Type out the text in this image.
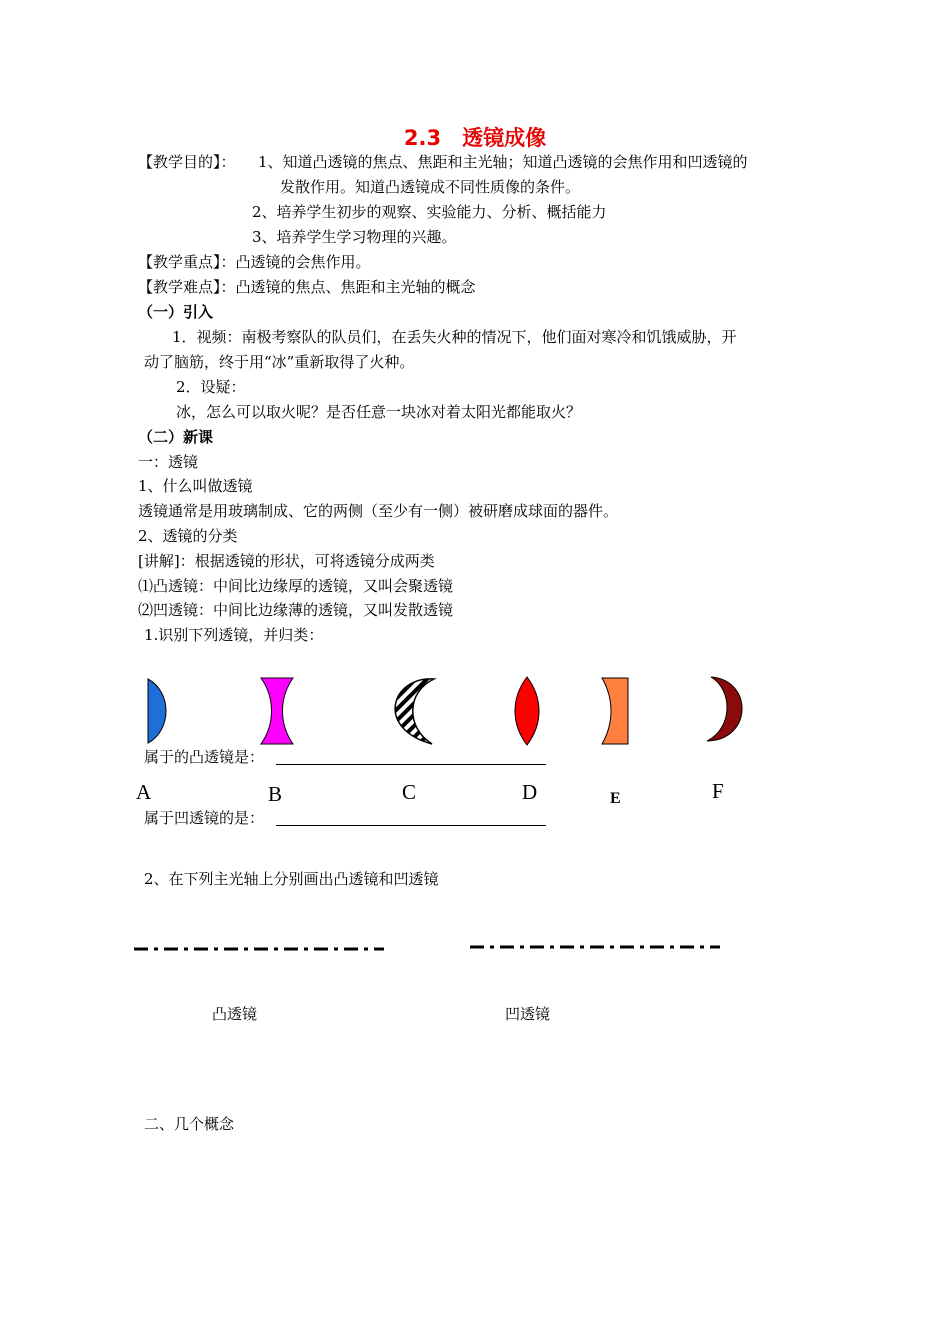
2.3　透镜成像
【教学目的】： 1、知道凸透镜的焦点、焦距和主光轴；知道凸透镜的会焦作用和凹透镜的
发散作用。知道凸透镜成不同性质像的条件。
2、培养学生初步的观察、实验能力、分析、概括能力
3、培养学生学习物理的兴趣。
【教学重点】：凸透镜的会焦作用。
【教学难点】：凸透镜的焦点、焦距和主光轴的概念
（一）引入
1．视频：南极考察队的队员们，在丢失火种的情况下，他们面对寒冷和饥饿威胁，开
动了脑筋，终于用“冰”重新取得了火种。
2．设疑：
冰，怎么可以取火呢？是否任意一块冰对着太阳光都能取火？
（二）新课
一：透镜
1、什么叫做透镜
透镜通常是用玻璃制成、它的两侧（至少有一侧）被研磨成球面的器件。
2、透镜的分类
[讲解]：根据透镜的形状，可将透镜分成两类
⑴凸透镜：中间比边缘厚的透镜，又叫会聚透镜
⑵凹透镜：中间比边缘薄的透镜，又叫发散透镜
1.识别下列透镜，并归类：
属于的凸透镜是：
A	B	C	D	E	F
属于凹透镜的是：
2、在下列主光轴上分别画出凸透镜和凹透镜
凸透镜	凹透镜
二、几个概念
